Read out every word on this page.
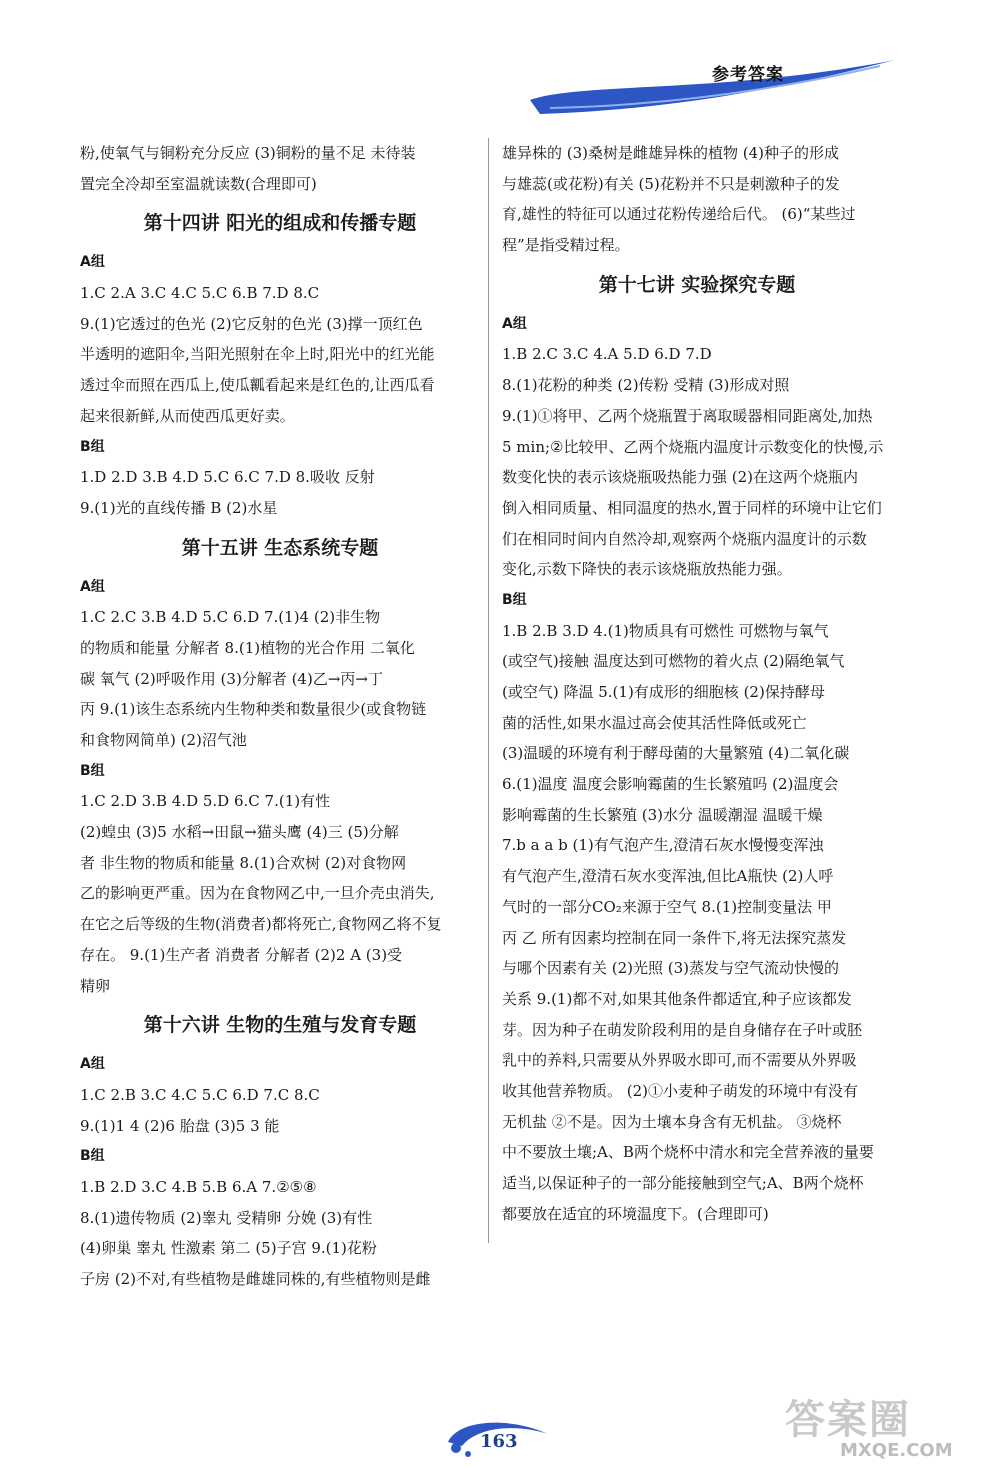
参考答案
粉,使氧气与铜粉充分反应 (3)铜粉的量不足 未待装
置完全冷却至室温就读数(合理即可)
第十四讲 阳光的组成和传播专题
A组
1.C 2.A 3.C 4.C 5.C 6.B 7.D 8.C
9.(1)它透过的色光 (2)它反射的色光 (3)撑一顶红色
半透明的遮阳伞,当阳光照射在伞上时,阳光中的红光能
透过伞而照在西瓜上,使瓜瓤看起来是红色的,让西瓜看
起来很新鲜,从而使西瓜更好卖。
B组
1.D 2.D 3.B 4.D 5.C 6.C 7.D 8.吸收 反射
9.(1)光的直线传播 B (2)水星
第十五讲 生态系统专题
A组
1.C 2.C 3.B 4.D 5.C 6.D 7.(1)4 (2)非生物
的物质和能量 分解者 8.(1)植物的光合作用 二氧化
碳 氧气 (2)呼吸作用 (3)分解者 (4)乙→丙→丁
丙 9.(1)该生态系统内生物种类和数量很少(或食物链
和食物网简单) (2)沼气池
B组
1.C 2.D 3.B 4.D 5.D 6.C 7.(1)有性
(2)蝗虫 (3)5 水稻→田鼠→猫头鹰 (4)三 (5)分解
者 非生物的物质和能量 8.(1)合欢树 (2)对食物网
乙的影响更严重。因为在食物网乙中,一旦介壳虫消失,
在它之后等级的生物(消费者)都将死亡,食物网乙将不复
存在。 9.(1)生产者 消费者 分解者 (2)2 A (3)受
精卵
第十六讲 生物的生殖与发育专题
A组
1.C 2.B 3.C 4.C 5.C 6.D 7.C 8.C
9.(1)1 4 (2)6 胎盘 (3)5 3 能
B组
1.B 2.D 3.C 4.B 5.B 6.A 7.②⑤⑧
8.(1)遗传物质 (2)睾丸 受精卵 分娩 (3)有性
(4)卵巢 睾丸 性激素 第二 (5)子宫 9.(1)花粉
子房 (2)不对,有些植物是雌雄同株的,有些植物则是雌
雄异株的 (3)桑树是雌雄异株的植物 (4)种子的形成
与雄蕊(或花粉)有关 (5)花粉并不只是刺激种子的发
育,雄性的特征可以通过花粉传递给后代。 (6)“某些过
程”是指受精过程。
第十七讲 实验探究专题
A组
1.B 2.C 3.C 4.A 5.D 6.D 7.D
8.(1)花粉的种类 (2)传粉 受精 (3)形成对照
9.(1)①将甲、乙两个烧瓶置于离取暖器相同距离处,加热
5 min;②比较甲、乙两个烧瓶内温度计示数变化的快慢,示
数变化快的表示该烧瓶吸热能力强 (2)在这两个烧瓶内
倒入相同质量、相同温度的热水,置于同样的环境中让它们
们在相同时间内自然冷却,观察两个烧瓶内温度计的示数
变化,示数下降快的表示该烧瓶放热能力强。
B组
1.B 2.B 3.D 4.(1)物质具有可燃性 可燃物与氧气
(或空气)接触 温度达到可燃物的着火点 (2)隔绝氧气
(或空气) 降温 5.(1)有成形的细胞核 (2)保持酵母
菌的活性,如果水温过高会使其活性降低或死亡
(3)温暖的环境有利于酵母菌的大量繁殖 (4)二氧化碳
6.(1)温度 温度会影响霉菌的生长繁殖吗 (2)温度会
影响霉菌的生长繁殖 (3)水分 温暖潮湿 温暖干燥
7.b a a b (1)有气泡产生,澄清石灰水慢慢变浑浊
有气泡产生,澄清石灰水变浑浊,但比A瓶快 (2)人呼
气时的一部分CO₂来源于空气 8.(1)控制变量法 甲
丙 乙 所有因素均控制在同一条件下,将无法探究蒸发
与哪个因素有关 (2)光照 (3)蒸发与空气流动快慢的
关系 9.(1)都不对,如果其他条件都适宜,种子应该都发
芽。因为种子在萌发阶段利用的是自身储存在子叶或胚
乳中的养料,只需要从外界吸水即可,而不需要从外界吸
收其他营养物质。 (2)①小麦种子萌发的环境中有没有
无机盐 ②不是。因为土壤本身含有无机盐。 ③烧杯
中不要放土壤;A、B两个烧杯中清水和完全营养液的量要
适当,以保证种子的一部分能接触到空气;A、B两个烧杯
都要放在适宜的环境温度下。(合理即可)
163	答案圈
MXQE.COM
